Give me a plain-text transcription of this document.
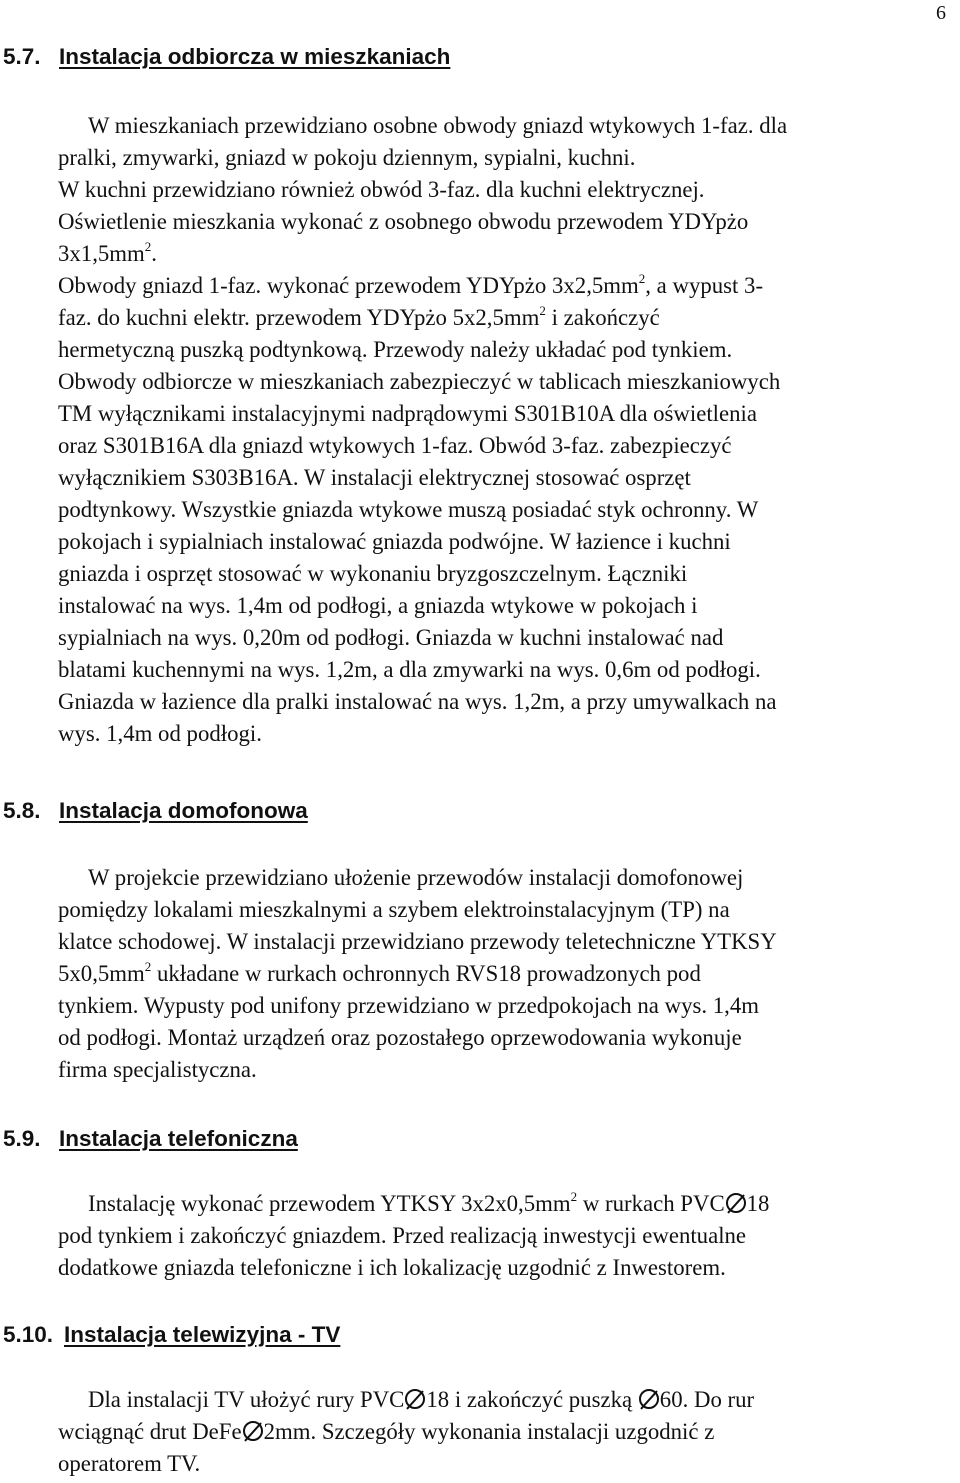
6
5.7. Instalacja odbiorcza w mieszkaniach
W mieszkaniach przewidziano osobne obwody gniazd wtykowych 1-faz. dla
pralki, zmywarki, gniazd w pokoju dziennym, sypialni, kuchni.
W kuchni przewidziano również obwód 3-faz. dla kuchni elektrycznej.
Oświetlenie mieszkania wykonać z osobnego obwodu przewodem YDYpżo
$3x1,5mm^2$.
Obwody gniazd 1-faz. wykonać przewodem YDYpżo $3x2,5mm^2$, a wypust 3-
faz. do kuchni elektr. przewodem YDYpżo $5x2,5mm^2$ i zakończyć
hermetyczną puszką podtynkową. Przewody należy układać pod tynkiem.
Obwody odbiorcze w mieszkaniach zabezpieczyć w tablicach mieszkaniowych
TM wyłącznikami instalacyjnymi nadprądowymi S301B10A dla oświetlenia
oraz S301B16A dla gniazd wtykowych 1-faz. Obwód 3-faz. zabezpieczyć
wyłącznikiem S303B16A. W instalacji elektrycznej stosować osprzęt
podtynkowy. Wszystkie gniazda wtykowe muszą posiadać styk ochronny. W
pokojach i sypialniach instalować gniazda podwójne. W łazience i kuchni
gniazda i osprzęt stosować w wykonaniu bryzgoszczelnym. Łączniki
instalować na wys. 1,4m od podłogi, a gniazda wtykowe w pokojach i
sypialniach na wys. 0,20m od podłogi. Gniazda w kuchni instalować nad
blatami kuchennymi na wys. 1,2m, a dla zmywarki na wys. 0,6m od podłogi.
Gniazda w łazience dla pralki instalować na wys. 1,2m, a przy umywalkach na
wys. 1,4m od podłogi.
5.8. Instalacja domofonowa
W projekcie przewidziano ułożenie przewodów instalacji domofonowej
pomiędzy lokalami mieszkalnymi a szybem elektroinstalacyjnym (TP) na
klatce schodowej. W instalacji przewidziano przewody teletechniczne YTKSY
$5x0,5mm^2$ układane w rurkach ochronnych RVS18 prowadzonych pod
tynkiem. Wypusty pod unifony przewidziano w przedpokojach na wys. 1,4m
od podłogi. Montaż urządzeń oraz pozostałego oprzewodowania wykonuje
firma specjalistyczna.
5.9. Instalacja telefoniczna
Instalację wykonać przewodem YTKSY $3x2x0,5mm^2$ w rurkach PVC 18
pod tynkiem i zakończyć gniazdem. Przed realizacją inwestycji ewentualne
dodatkowe gniazda telefoniczne i ich lokalizację uzgodnić z Inwestorem.
5.10. Instalacja telewizyjna - TV
Dla instalacji TV ułożyć rury PVC 18 i zakończyć puszką 60. Do rur
wciągnąć drut DeFe 2mm. Szczegóły wykonania instalacji uzgodnić z
operatorem TV.
